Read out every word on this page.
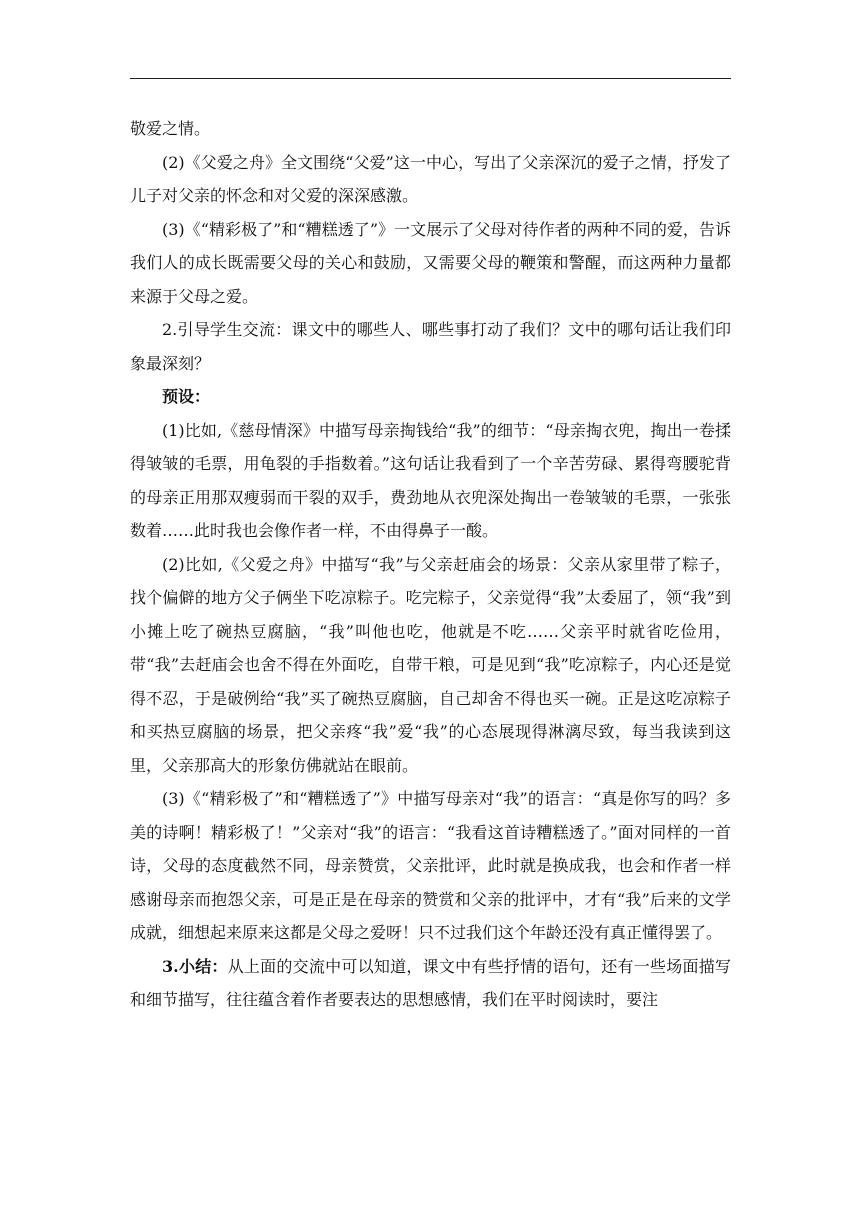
敬爱之情。

(2)《父爱之舟》全文围绕“父爱”这一中心，写出了父亲深沉的爱子之情，抒发了儿子对父亲的怀念和对父爱的深深感激。

(3)《“精彩极了”和“糟糕透了”》一文展示了父母对待作者的两种不同的爱，告诉我们人的成长既需要父母的关心和鼓励，又需要父母的鞭策和警醒，而这两种力量都来源于父母之爱。

2.引导学生交流：课文中的哪些人、哪些事打动了我们？文中的哪句话让我们印象最深刻？

预设：

(1)比如,《慈母情深》中描写母亲掏钱给“我”的细节：“母亲掏衣兜，掏出一卷揉得皱皱的毛票，用龟裂的手指数着。”这句话让我看到了一个辛苦劳碌、累得弯腰驼背的母亲正用那双瘦弱而干裂的双手，费劲地从衣兜深处掏出一卷皱皱的毛票，一张张数着……此时我也会像作者一样，不由得鼻子一酸。

(2)比如,《父爱之舟》中描写“我”与父亲赶庙会的场景：父亲从家里带了粽子，找个偏僻的地方父子俩坐下吃凉粽子。吃完粽子，父亲觉得“我”太委屈了，领“我”到小摊上吃了碗热豆腐脑，“我”叫他也吃，他就是不吃……父亲平时就省吃俭用，带“我”去赶庙会也舍不得在外面吃，自带干粮，可是见到“我”吃凉粽子，内心还是觉得不忍，于是破例给“我”买了碗热豆腐脑，自己却舍不得也买一碗。正是这吃凉粽子和买热豆腐脑的场景，把父亲疼“我”爱“我”的心态展现得淋漓尽致，每当我读到这里，父亲那高大的形象仿佛就站在眼前。

(3)《“精彩极了”和“糟糕透了”》中描写母亲对“我”的语言：“真是你写的吗？多美的诗啊！精彩极了！”父亲对“我”的语言：“我看这首诗糟糕透了。”面对同样的一首诗，父母的态度截然不同，母亲赞赏，父亲批评，此时就是换成我，也会和作者一样感谢母亲而抱怨父亲，可是正是在母亲的赞赏和父亲的批评中，才有“我”后来的文学成就，细想起来原来这都是父母之爱呀！只不过我们这个年龄还没有真正懂得罢了。

3.小结：从上面的交流中可以知道，课文中有些抒情的语句，还有一些场面描写和细节描写，往往蕴含着作者要表达的思想感情，我们在平时阅读时，要注
